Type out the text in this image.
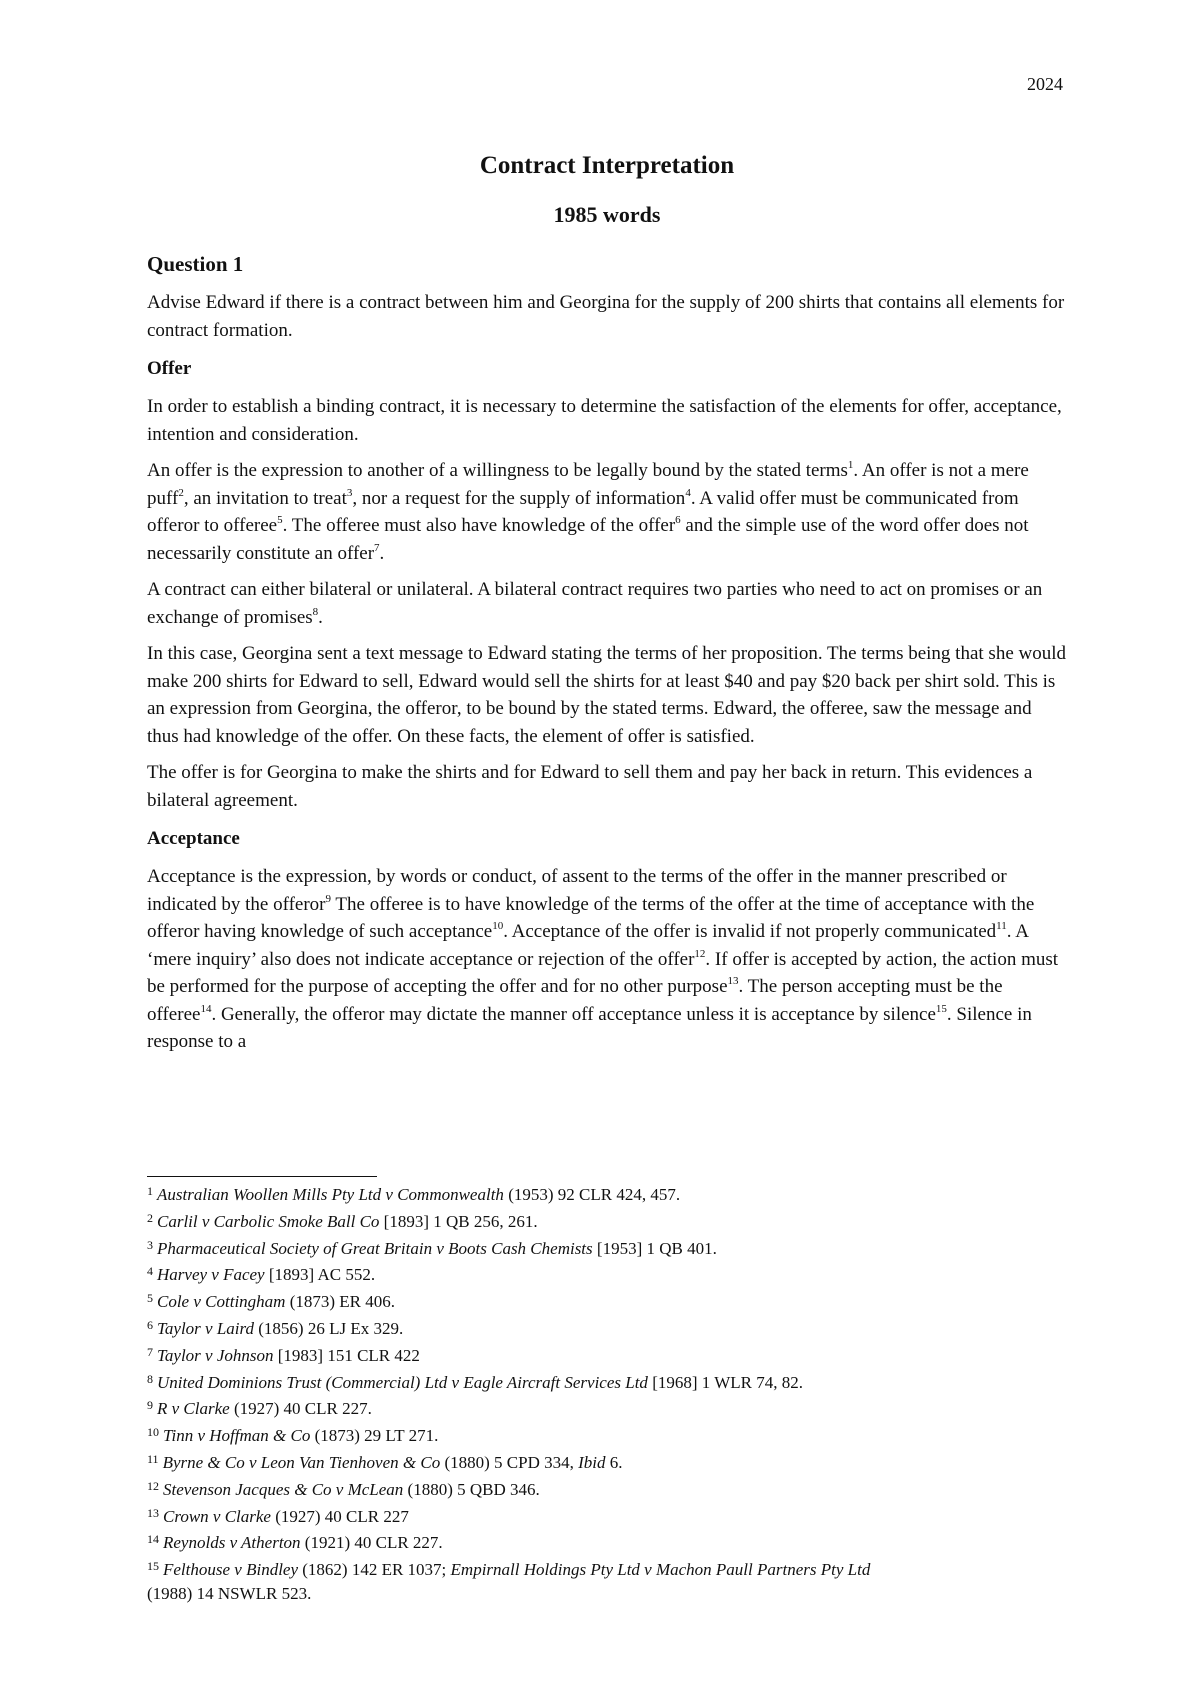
2024
Contract Interpretation
1985 words
Question 1

Advise Edward if there is a contract between him and Georgina for the supply of 200 shirts that contains all elements for contract formation.

Offer

In order to establish a binding contract, it is necessary to determine the satisfaction of the elements for offer, acceptance, intention and consideration.

An offer is the expression to another of a willingness to be legally bound by the stated terms$^1$. An offer is not a mere puff$^2$, an invitation to treat$^3$, nor a request for the supply of information$^4$. A valid offer must be communicated from offeror to offeree$^5$. The offeree must also have knowledge of the offer$^6$ and the simple use of the word offer does not necessarily constitute an offer$^7$.

A contract can either bilateral or unilateral. A bilateral contract requires two parties who need to act on promises or an exchange of promises$^8$.

In this case, Georgina sent a text message to Edward stating the terms of her proposition. The terms being that she would make 200 shirts for Edward to sell, Edward would sell the shirts for at least $40 and pay $20 back per shirt sold. This is an expression from Georgina, the offeror, to be bound by the stated terms. Edward, the offeree, saw the message and thus had knowledge of the offer. On these facts, the element of offer is satisfied.

The offer is for Georgina to make the shirts and for Edward to sell them and pay her back in return. This evidences a bilateral agreement.

Acceptance

Acceptance is the expression, by words or conduct, of assent to the terms of the offer in the manner prescribed or indicated by the offeror$^9$ The offeree is to have knowledge of the terms of the offer at the time of acceptance with the offeror having knowledge of such acceptance$^{10}$. Acceptance of the offer is invalid if not properly communicated$^{11}$. A ‘mere inquiry’ also does not indicate acceptance or rejection of the offer$^{12}$. If offer is accepted by action, the action must be performed for the purpose of accepting the offer and for no other purpose$^{13}$. The person accepting must be the offeree$^{14}$. Generally, the offeror may dictate the manner off acceptance unless it is acceptance by silence$^{15}$. Silence in response to a

$^1$ Australian Woollen Mills Pty Ltd v Commonwealth (1953) 92 CLR 424, 457.
$^2$ Carlil v Carbolic Smoke Ball Co [1893] 1 QB 256, 261.
$^3$ Pharmaceutical Society of Great Britain v Boots Cash Chemists [1953] 1 QB 401.
$^4$ Harvey v Facey [1893] AC 552.
$^5$ Cole v Cottingham (1873) ER 406.
$^6$ Taylor v Laird (1856) 26 LJ Ex 329.
$^7$ Taylor v Johnson [1983] 151 CLR 422
$^8$ United Dominions Trust (Commercial) Ltd v Eagle Aircraft Services Ltd [1968] 1 WLR 74, 82.
$^9$ R v Clarke (1927) 40 CLR 227.
$^{10}$ Tinn v Hoffman & Co (1873) 29 LT 271.
$^{11}$ Byrne & Co v Leon Van Tienhoven & Co (1880) 5 CPD 334, Ibid 6.
$^{12}$ Stevenson Jacques & Co v McLean (1880) 5 QBD 346.
$^{13}$ Crown v Clarke (1927) 40 CLR 227
$^{14}$ Reynolds v Atherton (1921) 40 CLR 227.
$^{15}$ Felthouse v Bindley (1862) 142 ER 1037; Empirnall Holdings Pty Ltd v Machon Paull Partners Pty Ltd
(1988) 14 NSWLR 523.
